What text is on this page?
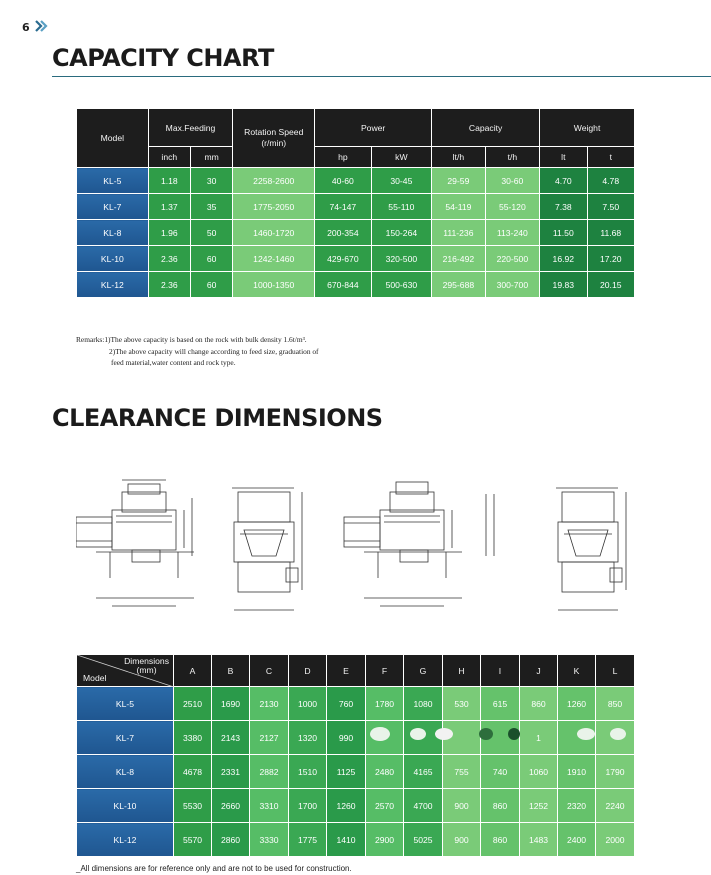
6
CAPACITY CHART
Model	Max.Feeding		Rotation Speed (r/min)	Power		Capacity		Weight	
	inch	mm		hp	kW	lt/h	t/h	lt	t
KL-5	1.18	30	2258-2600	40-60	30-45	29-59	30-60	4.70	4.78
KL-7	1.37	35	1775-2050	74-147	55-110	54-119	55-120	7.38	7.50
KL-8	1.96	50	1460-1720	200-354	150-264	111-236	113-240	11.50	11.68
KL-10	2.36	60	1242-1460	429-670	320-500	216-492	220-500	16.92	17.20
KL-12	2.36	60	1000-1350	670-844	500-630	295-688	300-700	19.83	20.15
Remarks:1)The above capacity is based on the rock with bulk density 1.6t/m³.
2)The above capacity will change according to feed size, graduation of
feed material,water content and rock type.
CLEARANCE DIMENSIONS
Dimensions
(mm)
Model	A	B	C	D	E	F	G	H	I	J	K	L
KL-5	2510	1690	2130	1000	760	1780	1080	530	615	860	1260	850
KL-7	3380	2143	2127	1320	990					1		
KL-8	4678	2331	2882	1510	1125	2480	4165	755	740	1060	1910	1790
KL-10	5530	2660	3310	1700	1260	2570	4700	900	860	1252	2320	2240
KL-12	5570	2860	3330	1775	1410	2900	5025	900	860	1483	2400	2000
_All dimensions are for reference only and are not to be used for construction.
